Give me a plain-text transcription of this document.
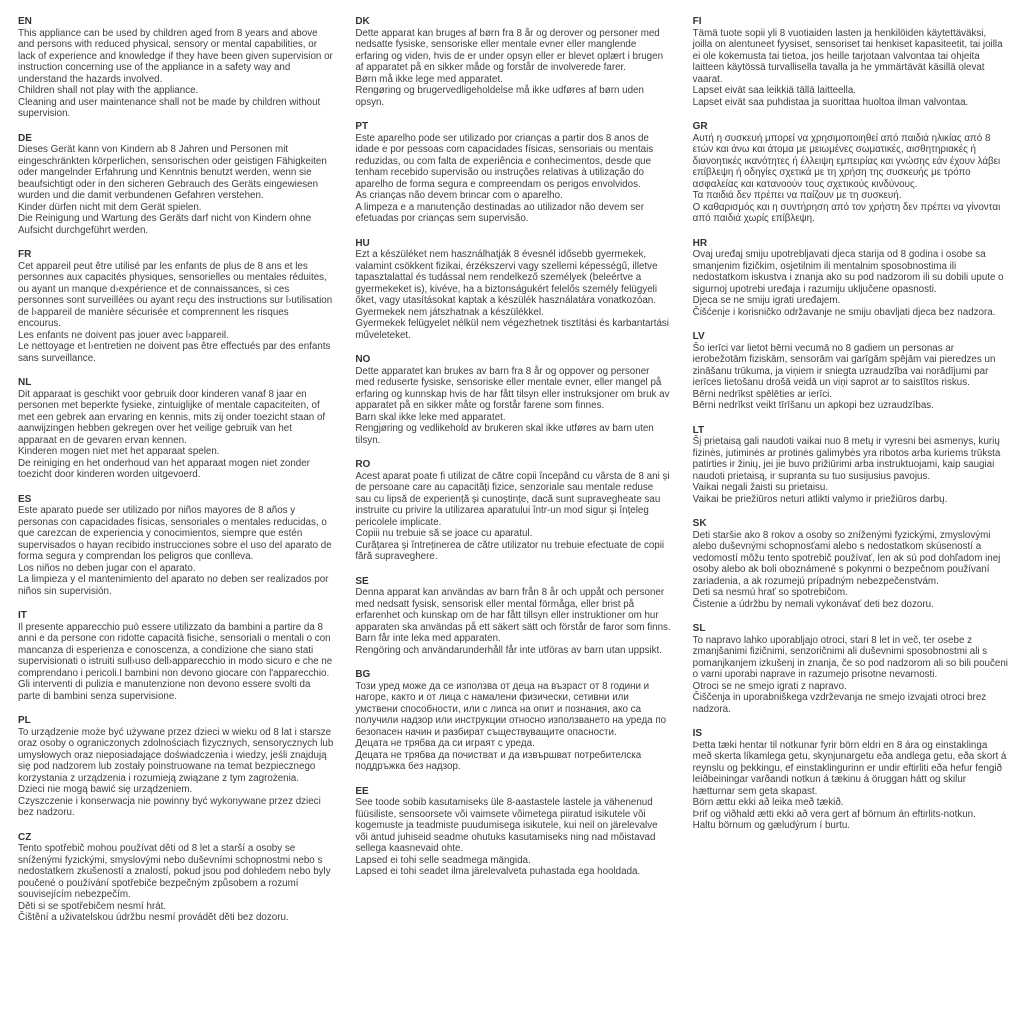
EN

This appliance can be used by children aged from 8 years and above and persons with reduced physical, sensory or mental capabilities, or lack of experience and knowledge if they have been given supervision or instruction concerning use of the appliance in a safety way and understand the hazards involved.

Children shall not play with the appliance.

Cleaning and user maintenance shall not be made by children without supervision.

DE

Dieses Gerät kann von Kindern ab 8 Jahren und Personen mit eingeschränkten körperlichen, sensorischen oder geistigen Fähigkeiten oder mangelnder Erfahrung und Kenntnis benutzt werden, wenn sie beaufsichtigt oder in den sicheren Gebrauch des Geräts eingewiesen wurden und die damit verbundenen Gefahren verstehen.

Kinder dürfen nicht mit dem Gerät spielen.

Die Reinigung und Wartung des Geräts darf nicht von Kindern ohne Aufsicht durchgeführt werden.

FR

Cet appareil peut être utilisé par les enfants de plus de 8 ans et les personnes aux capacités physiques, sensorielles ou mentales réduites, ou ayant un manque d›expérience et de connaissances, si ces personnes sont surveillées ou ayant reçu des instructions sur l›utilisation de l›appareil de manière sécurisée et comprennent les risques encourus.

Les enfants ne doivent pas jouer avec l›appareil.

Le nettoyage et l›entretien ne doivent pas être effectués par des enfants sans surveillance.

NL

Dit apparaat is geschikt voor gebruik door kinderen vanaf 8 jaar en personen met beperkte fysieke, zintuiglijke of mentale capaciteiten, of met een gebrek aan ervaring en kennis, mits zij onder toezicht staan of aanwijzingen hebben gekregen over het veilige gebruik van het apparaat en de gevaren ervan kennen.

Kinderen mogen niet met het apparaat spelen.

De reiniging en het onderhoud van het apparaat mogen niet zonder toezicht door kinderen worden uitgevoerd.

ES

Este aparato puede ser utilizado por niños mayores de 8 años y personas con capacidades físicas, sensoriales o mentales reducidas, o que carezcan de experiencia y conocimientos, siempre que estén supervisados o hayan recibido instrucciones sobre el uso del aparato de forma segura y comprendan los peligros que conlleva.

Los niños no deben jugar con el aparato.

La limpieza y el mantenimiento del aparato no deben ser realizados por niños sin supervisión.

IT

Il presente apparecchio può essere utilizzato da bambini a partire da 8 anni e da persone con ridotte capacità fisiche, sensoriali o mentali o con mancanza di esperienza e conoscenza, a condizione che siano stati supervisionati o istruiti sull›uso dell›apparecchio in modo sicuro e che ne comprendano i pericoli.I bambini non devono giocare con l'apparecchio.

Gli interventi di pulizia e manutenzione non devono essere svolti da parte di bambini senza supervisione.

PL

To urządzenie może być używane przez dzieci w wieku od 8 lat i starsze oraz osoby o ograniczonych zdolnościach fizycznych, sensorycznych lub umysłowych oraz nieposiadające doświadczenia i wiedzy, jeśli znajdują się pod nadzorem lub zostały poinstruowane na temat bezpiecznego korzystania z urządzenia i rozumieją związane z tym zagrożenia.

Dzieci nie mogą bawić się urządzeniem.

Czyszczenie i konserwacja nie powinny być wykonywane przez dzieci bez nadzoru.

CZ

Tento spotřebič mohou používat děti od 8 let a starší a osoby se sníženými fyzickými, smyslovými nebo duševními schopnostmi nebo s nedostatkem zkušeností a znalostí, pokud jsou pod dohledem nebo byly poučené o používání spotřebiče bezpečným způsobem a rozumí souvisejícím nebezpečím.

Děti si se spotřebičem nesmí hrát.

Čištění a uživatelskou údržbu nesmí provádět děti bez dozoru.

DK

Dette apparat kan bruges af børn fra 8 år og derover og personer med nedsatte fysiske, sensoriske eller mentale evner eller manglende erfaring og viden, hvis de er under opsyn eller er blevet oplært i brugen af apparatet på en sikker måde og forstår de involverede farer.

Børn må ikke lege med apparatet.

Rengøring og brugervedligeholdelse må ikke udføres af børn uden opsyn.

PT

Este aparelho pode ser utilizado por crianças a partir dos 8 anos de idade e por pessoas com capacidades físicas, sensoriais ou mentais reduzidas, ou com falta de experiência e conhecimentos, desde que tenham recebido supervisão ou instruções relativas à utilização do aparelho de forma segura e compreendam os perigos envolvidos.

As crianças não devem brincar com o aparelho.

A limpeza e a manutenção destinadas ao utilizador não devem ser efetuadas por crianças sem supervisão.

HU

Ezt a készüléket nem használhatják 8 évesnél idősebb gyermekek, valamint csökkent fizikai, érzékszervi vagy szellemi képességű, illetve tapasztalattal és tudással nem rendelkező személyek (beleértve a gyermekeket is), kivéve, ha a biztonságukért felelős személy felügyeli őket, vagy utasításokat kaptak a készülék használatára vonatkozóan.

Gyermekek nem játszhatnak a készülékkel.

Gyermekek felügyelet nélkül nem végezhetnek tisztítási és karbantartási műveleteket.

NO

Dette apparatet kan brukes av barn fra 8 år og oppover og personer med reduserte fysiske, sensoriske eller mentale evner, eller mangel på erfaring og kunnskap hvis de har fått tilsyn eller instruksjoner om bruk av apparatet på en sikker måte og forstår farene som finnes.

Barn skal ikke leke med apparatet.

Rengjøring og vedlikehold av brukeren skal ikke utføres av barn uten tilsyn.

RO

Acest aparat poate fi utilizat de către copii începând cu vârsta de 8 ani și de persoane care au capacități fizice, senzoriale sau mentale reduse sau cu lipsă de experiență și cunoștințe, dacă sunt supravegheate sau instruite cu privire la utilizarea aparatului într-un mod sigur și înțeleg pericolele implicate.

Copiii nu trebuie să se joace cu aparatul.

Curățarea și întreținerea de către utilizator nu trebuie efectuate de copii fără supraveghere.

SE

Denna apparat kan användas av barn från 8 år och uppåt och personer med nedsatt fysisk, sensorisk eller mental förmåga, eller brist på erfarenhet och kunskap om de har fått tillsyn eller instruktioner om hur apparaten ska användas på ett säkert sätt och förstår de faror som finns.

Barn får inte leka med apparaten.

Rengöring och användarunderhåll får inte utföras av barn utan uppsikt.

BG

Този уред може да се използва от деца на възраст от 8 години и нагоре, както и от лица с намалени физически, сетивни или умствени способности, или с липса на опит и познания, ако са получили надзор или инструкции относно използването на уреда по безопасен начин и разбират съществуващите опасности.

Децата не трябва да си играят с уреда.

Децата не трябва да почистват и да извършват потребителска поддръжка без надзор.

EE

See toode sobib kasutamiseks üle 8-aastastele lastele ja vähenenud füüsiliste, sensoorsete või vaimsete võimetega piiratud isikutele või kogemuste ja teadmiste puudumisega isikutele, kui neil on järelevalve või antud juhiseid seadme ohutuks kasutamiseks ning nad mõistavad sellega kaasnevaid ohte.

Lapsed ei tohi selle seadmega mängida.

Lapsed ei tohi seadet ilma järelevalveta puhastada ega hooldada.

FI

Tämä tuote sopii yli 8 vuotiaiden lasten ja henkilöiden käytettäväksi, joilla on alentuneet fyysiset, sensoriset tai henkiset kapasiteetit, tai joilla ei ole kokemusta tai tietoa, jos heille tarjotaan valvontaa tai ohjeita laitteen käytössä turvallisella tavalla ja he ymmärtävät käsillä olevat vaarat.

Lapset eivät saa leikkiä tällä laitteella.

Lapset eivät saa puhdistaa ja suorittaa huoltoa ilman valvontaa.

GR

Αυτή η συσκευή μπορεί να χρησιμοποιηθεί από παιδιά ηλικίας από 8 ετών και άνω και άτομα με μειωμένες σωματικές, αισθητηριακές ή διανοητικές ικανότητες ή έλλειψη εμπειρίας και γνώσης εάν έχουν λάβει επίβλεψη ή οδηγίες σχετικά με τη χρήση της συσκευής με τρόπο ασφαλείας και κατανοούν τους σχετικούς κινδύνους.

Τα παιδιά δεν πρέπει να παίζουν με τη συσκευή.

Ο καθαρισμός και η συντήρηση από τον χρήστη δεν πρέπει να γίνονται από παιδιά χωρίς επίβλεψη.

HR

Ovaj uređaj smiju upotrebljavati djeca starija od 8 godina i osobe sa smanjenim fizičkim, osjetilnim ili mentalnim sposobnostima ili nedostatkom iskustva i znanja ako su pod nadzorom ili su dobili upute o sigurnoj upotrebi uređaja i razumiju uključene opasnosti.

Djeca se ne smiju igrati uređajem.

Čišćenje i korisničko održavanje ne smiju obavljati djeca bez nadzora.

LV

Šo ierīci var lietot bērni vecumā no 8 gadiem un personas ar ierobežotām fiziskām, sensorām vai garīgām spējām vai pieredzes un zināšanu trūkuma, ja viņiem ir sniegta uzraudzība vai norādījumi par ierīces lietošanu drošā veidā un viņi saprot ar to saistītos riskus.

Bērni nedrīkst spēlēties ar ierīci.

Bērni nedrīkst veikt tīrīšanu un apkopi bez uzraudzības.

LT

Šį prietaisą gali naudoti vaikai nuo 8 metų ir vyresni bei asmenys, kurių fizinės, jutiminės ar protinės galimybės yra ribotos arba kuriems trūksta patirties ir žinių, jei jie buvo prižiūrimi arba instruktuojami, kaip saugiai naudoti prietaisą, ir supranta su tuo susijusius pavojus.

Vaikai negali žaisti su prietaisu.

Vaikai be priežiūros neturi atlikti valymo ir priežiūros darbų.

SK

Deti staršie ako 8 rokov a osoby so zníženými fyzickými, zmyslovými alebo duševnými schopnosťami alebo s nedostatkom skúseností a vedomostí môžu tento spotrebič používať, len ak sú pod dohľadom inej osoby alebo ak boli oboznámené s pokynmi o bezpečnom používaní zariadenia, a ak rozumejú prípadným nebezpečenstvám.

Deti sa nesmú hrať so spotrebičom.

Čistenie a údržbu by nemali vykonávať deti bez dozoru.

SL

To napravo lahko uporabljajo otroci, stari 8 let in več, ter osebe z zmanjšanimi fizičnimi, senzoričnimi ali duševnimi sposobnostmi ali s pomanjkanjem izkušenj in znanja, če so pod nadzorom ali so bili poučeni o varni uporabi naprave in razumejo prisotne nevarnosti.

Otroci se ne smejo igrati z napravo.

Čiščenja in uporabniškega vzdrževanja ne smejo izvajati otroci brez nadzora.

IS

Þetta tæki hentar til notkunar fyrir börn eldri en 8 ára og einstaklinga með skerta líkamlega getu, skynjunargetu eða andlega getu, eða skort á reynslu og þekkingu, ef einstaklingurinn er undir eftirliti eða hefur fengið leiðbeiningar varðandi notkun á tækinu á öruggan hátt og skilur hætturnar sem geta skapast.

Börn ættu ekki að leika með tækið.

Þrif og viðhald ætti ekki að vera gert af börnum án eftirlits-notkun.

Haltu börnum og gæludýrum í burtu.
